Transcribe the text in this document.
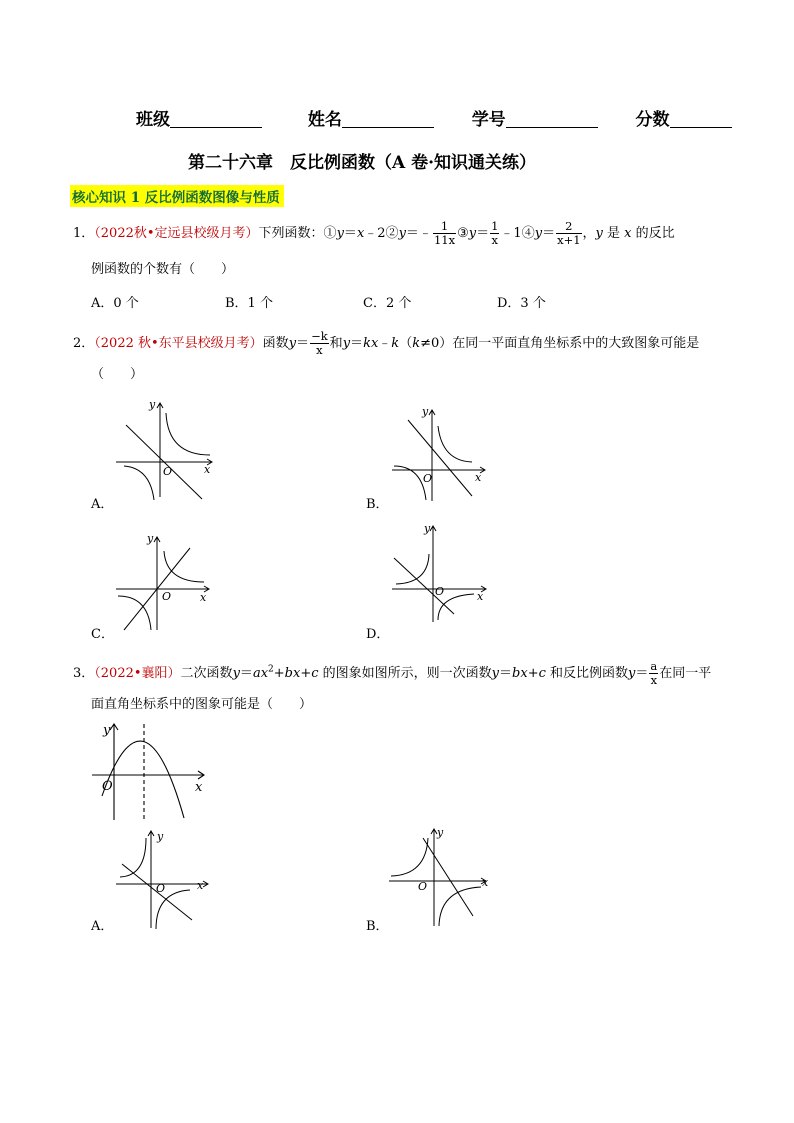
班级	姓名	学号	分数
第二十六章　反比例函数（A 卷·知识通关练）
核心知识 1 反比例函数图像与性质
1．（2022秋•定远县校级月考）下列函数：①y＝x﹣2②y＝﹣ $\frac{1}{11x}$ ③y＝ $\frac{1}{x}$ ﹣1④y＝ $\frac{2}{x+1}$ ，y 是 x 的反比
例函数的个数有（　　）
A．0 个	B．1 个	C．2 个	D．3 个
2．（2022 秋•东平县校级月考）函数$y= \frac{-k}{x}$ 和y＝kx﹣k（k≠0）在同一平面直角坐标系中的大致图象可能是
（　　）
y
x
O
A．
y
x
O
B．
y
x
O
C．
y
x
O
D．
3．（2022•襄阳）二次函数$y=ax^2+bx+c$ 的图象如图所示，则一次函数y＝bx+c 和反比例函数$y= \frac{a}{x}$ 在同一平
面直角坐标系中的图象可能是（　　）
y
x
O
y
x
O
A．
y
x
O
B．
